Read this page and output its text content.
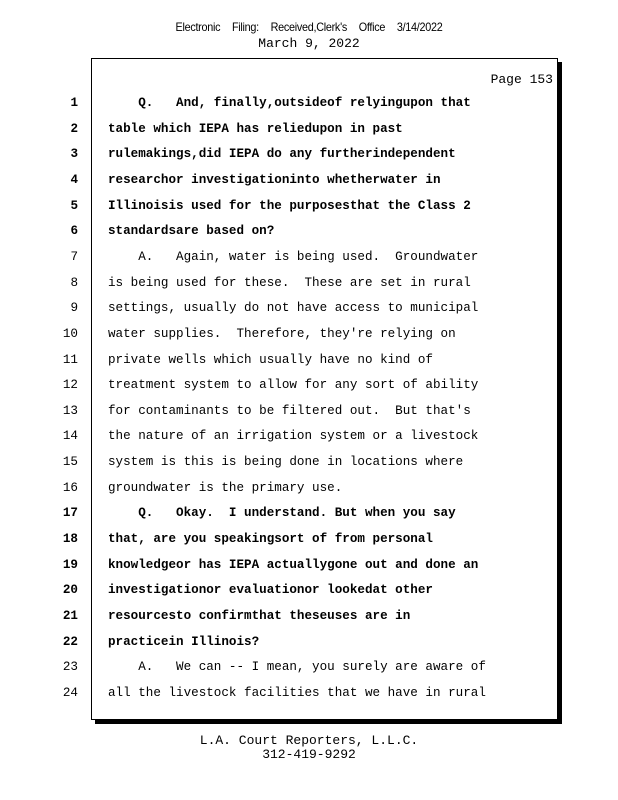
Electronic Filing: Received,Clerk's Office 3/14/2022
March 9, 2022
Page 153
1 Q.   And, finally,outsideof relyingupon that
2 table which IEPA has reliedupon in past
3 rulemakings,did IEPA do any furtherindependent
4 researchor investigationinto whetherwater in
5 Illinoisis used for the purposesthat the Class 2
6 standardsare based on?
7 A.   Again, water is being used.  Groundwater
8 is being used for these.  These are set in rural
9 settings, usually do not have access to municipal
10 water supplies.  Therefore, they're relying on
11 private wells which usually have no kind of
12 treatment system to allow for any sort of ability
13 for contaminants to be filtered out.  But that's
14 the nature of an irrigation system or a livestock
15 system is this is being done in locations where
16 groundwater is the primary use.
17 Q.   Okay.  I understand. But when you say
18 that, are you speakingsort of from personal
19 knowledgeor has IEPA actuallygone out and done an
20 investigationor evaluationor lookedat other
21 resourcesto confirmthat theseuses are in
22 practicein Illinois?
23 A.   We can -- I mean, you surely are aware of
24 all the livestock facilities that we have in rural
L.A. Court Reporters, L.L.C.
312-419-9292
